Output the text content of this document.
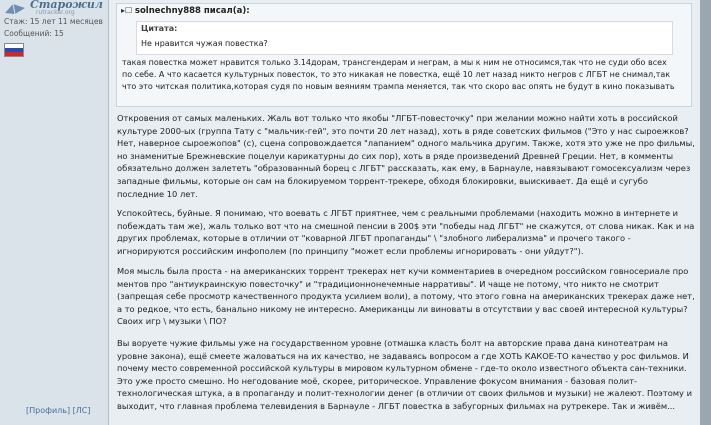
Старожил
rutracker.org
Стаж: 15 лет 11 месяцев
Сообщений: 15
[Профиль] [ЛС]
▸☐ solnechny888 писал(а):
Цитата:
Не нравится чужая повестка?
такая повестка может нравится только 3.14дорам, трансгендерам и неграм, а мы к ним не относимся,так что не суди обо всех по себе. А что касается культурных повесток, то это никакая не повестка, ещё 10 лет назад никто негров с ЛГБТ не снимал,так что это читская политика,которая судя по новым веяниям трампа меняется, так что скоро вас опять не будут в кино показывать
Откровения от самых маленьких. Жаль вот только что якобы "ЛГБТ-повесточку" при желании можно найти хоть в российской культуре 2000-ых (группа Тату с "мальчик-гей", это почти 20 лет назад), хоть в ряде советских фильмов ("Это у нас сыроежков? Нет, наверное сыроежопов" (с), сцена сопровождается "лапанием" одного мальчика другим. Также, хотя это уже не про фильмы, но знаменитые Брежневские поцелуи карикатурны до сих пор), хоть в ряде произведений Древней Греции. Нет, в комменты обязательно должен залететь "образованный борец с ЛГБТ" рассказать, как ему, в Барнауле, навязывают гомосексуализм через западные фильмы, которые он сам на блокируемом торрент-трекере, обходя блокировки, выискивает. Да ещё и сугубо последние 10 лет.
Успокойтесь, буйные. Я понимаю, что воевать с ЛГБТ приятнее, чем с реальными проблемами (находить можно в интернете и побеждать там же), жаль только вот что на смешной пенсии в 200$ эти "победы над ЛГБТ" не скажутся, от слова никак. Как и на других проблемах, которые в отличии от "коварной ЛГБТ пропаганды" \ "злобного либерализма" и прочего такого - игнорируются российским инфополем (по принципу "может если проблемы игнорировать - они уйдут?").
Моя мысль была проста - на американских торрент трекерах нет кучи комментариев в очередном российском говносериале про ментов про "антиукраинскую повесточку" и "традиционнонечемные нарративы". И чаще не потому, что никто не смотрит (запрещая себе просмотр качественного продукта усилием воли), а потому, что этого говна на американских трекерах даже нет, а то редкое, что есть, банально никому не интересно. Американцы ли виноваты в отсутствии у вас своей интересной культуры? Своих игр \ музыки \ ПО?
Вы воруете чужие фильмы уже на государственном уровне (отмашка класть болт на авторские права дана кинотеатрам на уровне закона), ещё смеете жаловаться на их качество, не задаваясь вопросом а где ХОТЬ КАКОЕ-ТО качество у рос фильмов. И почему место современной российской культуры в мировом культурном обмене - где-то около известного объекта сан-техники. Это уже просто смешно. Но негодование моё, скорее, риторическое. Управление фокусом внимания - базовая полит-технологическая штука, а в пропаганду и полит-технологии денег (в отличии от своих фильмов и музыки) не жалеют. Поэтому и выходит, что главная проблема телевидения в Барнауле - ЛГБТ повестка в забугорных фильмах на рутрекере. Так и живём...
